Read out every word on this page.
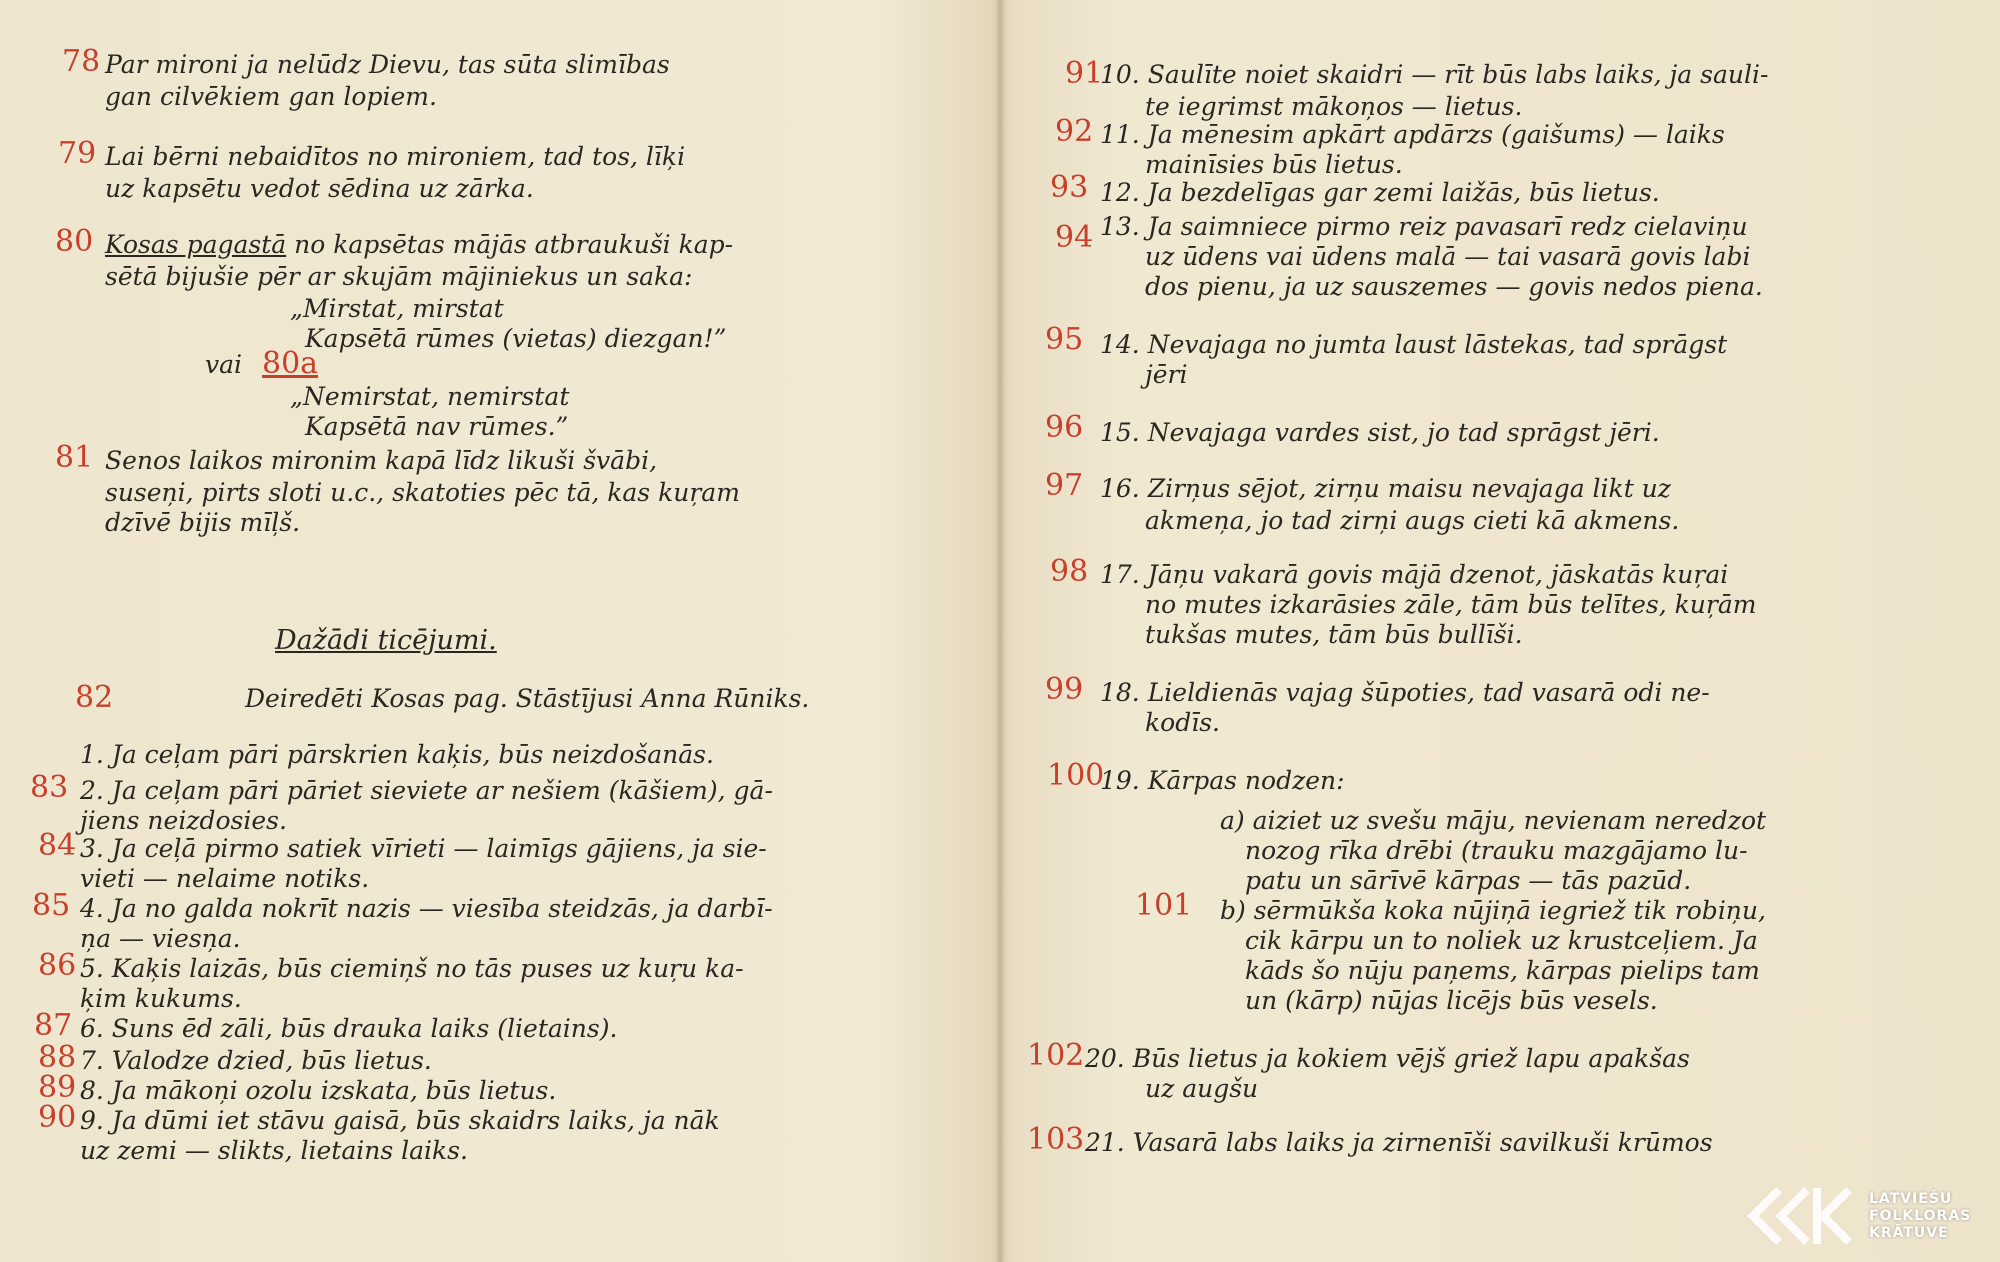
78 Par mironi ja nelūdz Dievu, tas sūta slimības
gan cilvēkiem gan lopiem.
79 Lai bērni nebaidītos no mironiem, tad tos, līķi
uz kapsētu vedot sēdina uz zārka.
80 Kosas pagastā no kapsētas mājās atbraukuši kap-
sētā bijušie pēr ar skujām mājiniekus un saka:
„Mirstat, mirstat
Kapsētā rūmes (vietas) diezgan!”
vai 80a
„Nemirstat, nemirstat
Kapsētā nav rūmes.”
81 Senos laikos mironim kapā līdz likuši švābi,
suseņi, pirts sloti u.c., skatoties pēc tā, kas kuŗam
dzīvē bijis mīļš.
Dažādi ticējumi.
82	Deiredēti Kosas pag. Stāstījusi Anna Rūniks.
1. Ja ceļam pāri pārskrien kaķis, būs neizdošanās.
83 2. Ja ceļam pāri pāriet sieviete ar nešiem (kāšiem), gā-
jiens neizdosies.
84 3. Ja ceļā pirmo satiek vīrieti — laimīgs gājiens, ja sie-
vieti — nelaime notiks.
85 4. Ja no galda nokrīt nazis — viesība steidzās, ja darbī-
ņa — viesņa.
86 5. Kaķis laizās, būs ciemiņš no tās puses uz kuŗu ka-
ķim kukums.
87 6. Suns ēd zāli, būs drauka laiks (lietains).
88 7. Valodze dzied, būs lietus.
89 8. Ja mākoņi ozolu izskata, būs lietus.
90 9. Ja dūmi iet stāvu gaisā, būs skaidrs laiks, ja nāk
uz zemi — slikts, lietains laiks.
91
10. Saulīte noiet skaidri — rīt būs labs laiks, ja sauli-
te iegrimst mākoņos — lietus.
92 11. Ja mēnesim apkārt apdārzs (gaišums) — laiks
mainīsies būs lietus.
93 12. Ja bezdelīgas gar zemi laižās, būs lietus.
94 13. Ja saimniece pirmo reiz pavasarī redz cielaviņu
uz ūdens vai ūdens malā — tai vasarā govis labi
dos pienu, ja uz sauszemes — govis nedos piena.
95 14. Nevajaga no jumta laust lāstekas, tad sprāgst
jēri
96 15. Nevajaga vardes sist, jo tad sprāgst jēri.
97 16. Zirņus sējot, zirņu maisu nevajaga likt uz
akmeņa, jo tad zirņi augs cieti kā akmens.
98 17. Jāņu vakarā govis mājā dzenot, jāskatās kuŗai
no mutes izkarāsies zāle, tām būs telītes, kuŗām
tukšas mutes, tām būs bullīši.
99 18. Lieldienās vajag šūpoties, tad vasarā odi ne-
kodīs.
100
19. Kārpas nodzen:
a) aiziet uz svešu māju, nevienam neredzot
nozog rīka drēbi (trauku mazgājamo lu-
patu un sārīvē kārpas — tās pazūd.
101 b) sērmūkša koka nūjiņā iegriež tik robiņu,
cik kārpu un to noliek uz krustceļiem. Ja
kāds šo nūju paņems, kārpas pielips tam
un (kārp) nūjas licējs būs vesels.
102 20. Būs lietus ja kokiem vējš griež lapu apakšas
uz augšu
103 21. Vasarā labs laiks ja zirnenīši savilkuši krūmos
LATVIEŠU
FOLKLORAS
KRĀTUVE
